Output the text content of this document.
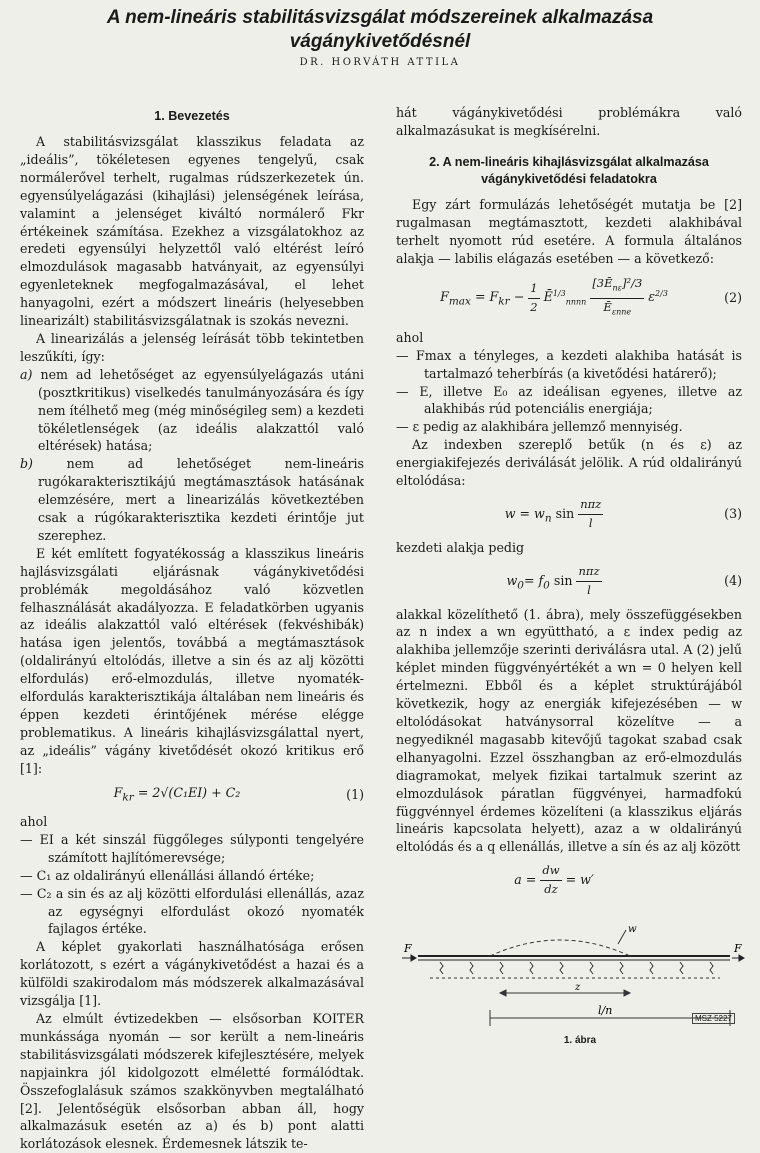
A nem-lineáris stabilitásvizsgálat módszereinek alkalmazása
vágánykivetődésnél
DR. HORVÁTH ATTILA
1. Bevezetés

A stabilitásvizsgálat klasszikus feladata az „ideális”, tökéletesen egyenes tengelyű, csak normálerővel terhelt, rugalmas rúdszerkezetek ún. egyensúlyelágazási (kihajlási) jelenségének leírása, valamint a jelenséget kiváltó normálerő Fkr értékeinek számítása. Ezekhez a vizsgálatokhoz az eredeti egyensúlyi helyzettől való eltérést leíró elmozdulások magasabb hatványait, az egyensúlyi egyenleteknek megfogalmazásával, el lehet hanyagolni, ezért a módszert lineáris (helyesebben linearizált) stabilitásvizsgálatnak is szokás nevezni.

A linearizálás a jelenség leírását több tekintetben leszűkíti, így:

a) nem ad lehetőséget az egyensúlyelágazás utáni (posztkritikus) viselkedés tanulmányozására és így nem ítélhető meg (még minőségileg sem) a kezdeti tökéletlenségek (az ideális alakzattól való eltérések) hatása;
b)	nem ad lehetőséget nem-lineáris rugókarakterisztikájú megtámasztások hatásának elemzésére, mert a linearizálás következtében csak a rúgókarakterisztika kezdeti érintője jut szerephez.

E két említett fogyatékosság a klasszikus lineáris hajlásvizsgálati eljárásnak vágánykivetődési problémák megoldásához való közvetlen felhasználását akadályozza. E feladatkörben ugyanis az ideális alakzattól való eltérések (fekvéshibák) hatása igen jelentős, továbbá a megtámasztások (oldalirányú eltolódás, illetve a sin és az alj közötti elfordulás) erő-elmozdulás, illetve nyomaték-elfordulás karakterisztikája általában nem lineáris és éppen kezdeti érintőjének mérése elégge problematikus. A lineáris kihajlásvizsgálattal nyert, az „ideális” vágány kivetődését okozó kritikus erő [1]:

$F_{kr} = 2√(C_1EI) + C_2$	(1)

ahol

— EI a két sinszál függőleges súlyponti tengelyére számított hajlítómerevsége;
— C₁ az oldalirányú ellenállási állandó értéke;
— C₂ a sin és az alj közötti elfordulási ellenállás, azaz az egységnyi elfordulást okozó nyomaték fajlagos értéke.

A képlet gyakorlati használhatósága erősen korlátozott, s ezért a vágánykivetődést a hazai és a külföldi szakirodalom más módszerek alkalmazásával vizsgálja [1].

Az elmúlt évtizedekben — elsősorban KOITER munkássága nyomán — sor került a nem-lineáris stabilitásvizsgálati módszerek kifejlesztésére, melyek napjainkra jól kidolgozott elméletté formálódtak. Összefoglalásuk számos szakkönyvben megtalálható [2]. Jelentőségük elsősorban abban áll, hogy alkalmazásuk esetén az a) és b) pont alatti korlátozások elesnek. Érdemesnek látszik te-

hát vágánykivetődési problémákra való alkalmazásukat is megkísérelni.

2. A nem-lineáris kihajlásvizsgálat alkalmazása vágánykivetődési feladatokra

Egy zárt formulázás lehetőségét mutatja be [2] rugalmasan megtámasztott, kezdeti alakhibával terhelt nyomott rúd esetére. A formula általános alakja — labilis elágazás esetében — a következő:

$F_{max} = F_{kr} - \frac{1}{2}$ $Ē^{1/3}_{nnnn} \frac{[3Ē_{n\varepsilon}]^2/3}{Ē_{\varepsilon nne}} \varepsilon^{2/3}$	(2)

ahol

— Fmax a tényleges, a kezdeti alakhiba hatását is tartalmazó teherbírás (a kivetődési határerő);
— E, illetve E₀ az ideálisan egyenes, illetve az alakhibás rúd potenciális energiája;
— ε pedig az alakhibára jellemző mennyiség.

Az indexben szereplő betűk (n és ε) az energiakifejezés deriválását jelölik. A rúd oldalirányú eltolódása:

$w = w_n$ $\sin \frac{\text{nπz}}{l}$	(3)

kezdeti alakja pedig

$w_0= f_0$ $\sin \frac{\text{nπz}}{l}$	(4)

alakkal közelíthető (1. ábra), mely összefüggésekben az n index a wn együttható, a ε index pedig az alakhiba jellemzője szerinti deriválásra utal. A (2) jelű képlet minden függvényértékét a wn = 0 helyen kell értelmezni. Ebből és a képlet struktúrájából következik, hogy az energiák kifejezésében — w eltolódásokat hatványsorral közelítve — a negyediknél magasabb kitevőjű tagokat szabad csak elhanyagolni. Ezzel összhangban az erő-elmozdulás diagramokat, melyek fizikai tartalmuk szerint az elmozdulások páratlan függvényei, harmadfokú függvénnyel érdemes közelíteni (a klasszikus eljárás lineáris kapcsolata helyett), azaz a w oldalirányú eltolódás és a q ellenállás, illetve a sín és az alj között

$a = \frac{dw}{dz} = w'$
F	F
w
z
l/n
1. ábra
MSZ 5227
